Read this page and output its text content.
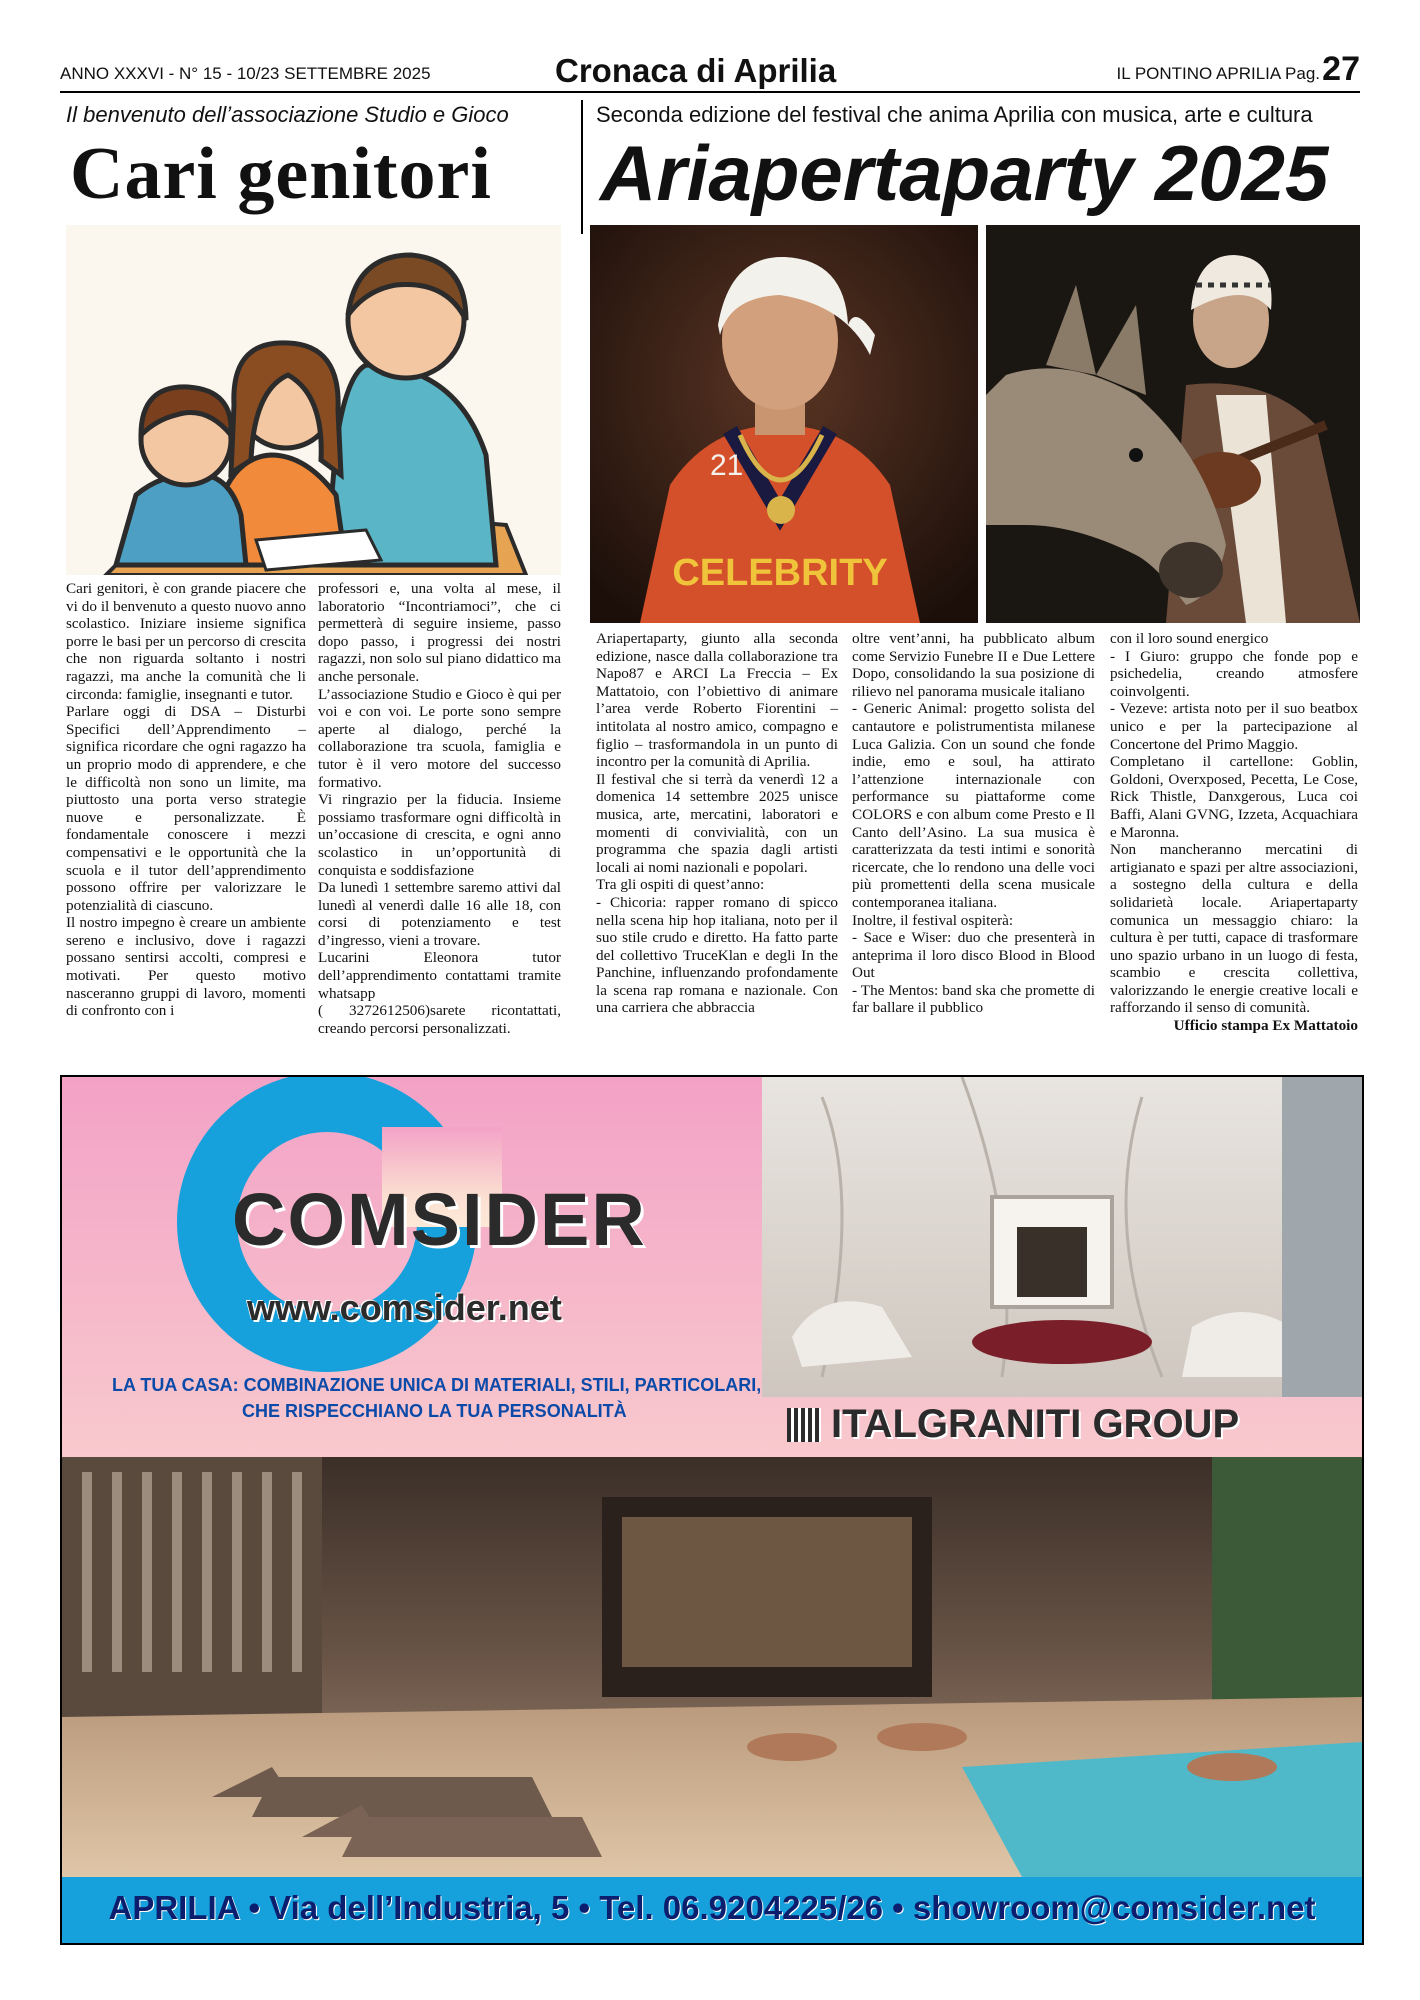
ANNO XXXVI - N° 15 - 10/23 SETTEMBRE 2025	Cronaca di Aprilia	IL PONTINO APRILIA Pag. 27
Il benvenuto dell’associazione Studio e Gioco
Cari genitori
Seconda edizione del festival che anima Aprilia con musica, arte e cultura
Ariapertaparty 2025

Cari genitori, è con grande piacere che vi do il benvenuto a questo nuovo anno scolastico. Iniziare insieme significa porre le basi per un percorso di crescita che non riguarda soltanto i nostri ragazzi, ma anche la comunità che li circonda: famiglie, insegnanti e tutor.

Parlare oggi di DSA – Disturbi Specifici dell’Apprendimento – significa ricordare che ogni ragazzo ha un proprio modo di apprendere, e che le difficoltà non sono un limite, ma piuttosto una porta verso strategie nuove e personalizzate. È fondamentale conoscere i mezzi compensativi e le opportunità che la scuola e il tutor dell’apprendimento possono offrire per valorizzare le potenzialità di ciascuno.

Il nostro impegno è creare un ambiente sereno e inclusivo, dove i ragazzi possano sentirsi accolti, compresi e motivati. Per questo motivo nasceranno gruppi di lavoro, momenti di confronto con i

professori e, una volta al mese, il laboratorio “Incontriamoci”, che ci permetterà di seguire insieme, passo dopo passo, i progressi dei nostri ragazzi, non solo sul piano didattico ma anche personale.

L’associazione Studio e Gioco è qui per voi e con voi. Le porte sono sempre aperte al dialogo, perché la collaborazione tra scuola, famiglia e tutor è il vero motore del successo formativo.

Vi ringrazio per la fiducia. Insieme possiamo trasformare ogni difficoltà in un’occasione di crescita, e ogni anno scolastico in un’opportunità di conquista e soddisfazione

Da lunedì 1 settembre saremo attivi dal lunedì al venerdì dalle 16 alle 18, con corsi di potenziamento e test d’ingresso, vieni a trovare.

Lucarini Eleonora tutor dell’apprendimento contattami tramite whatsapp

( 3272612506)sarete ricontattati, creando percorsi personalizzati.

CELEBRITY
21

Ariapertaparty, giunto alla seconda edizione, nasce dalla collaborazione tra Napo87 e ARCI La Freccia – Ex Mattatoio, con l’obiettivo di animare l’area verde Roberto Fiorentini – intitolata al nostro amico, compagno e figlio – trasformandola in un punto di incontro per la comunità di Aprilia.

Il festival che si terrà da venerdì 12 a domenica 14 settembre 2025 unisce musica, arte, mercatini, laboratori e momenti di convivialità, con un programma che spazia dagli artisti locali ai nomi nazionali e popolari.

Tra gli ospiti di quest’anno:

- Chicoria: rapper romano di spicco nella scena hip hop italiana, noto per il suo stile crudo e diretto. Ha fatto parte del collettivo TruceKlan e degli In the Panchine, influenzando profondamente la scena rap romana e nazionale. Con una carriera che abbraccia

oltre vent’anni, ha pubblicato album come Servizio Funebre II e Due Lettere Dopo, consolidando la sua posizione di rilievo nel panorama musicale italiano

- Generic Animal: progetto solista del cantautore e polistrumentista milanese Luca Galizia. Con un sound che fonde indie, emo e soul, ha attirato l’attenzione internazionale con performance su piattaforme come COLORS e con album come Presto e Il Canto dell’Asino. La sua musica è caratterizzata da testi intimi e sonorità ricercate, che lo rendono una delle voci più promettenti della scena musicale contemporanea italiana.

Inoltre, il festival ospiterà:

- Sace e Wiser: duo che presenterà in anteprima il loro disco Blood in Blood Out

- The Mentos: band ska che promette di far ballare il pubblico

con il loro sound energico

- I Giuro: gruppo che fonde pop e psichedelia, creando atmosfere coinvolgenti.

- Vezeve: artista noto per il suo beatbox unico e per la partecipazione al Concertone del Primo Maggio.

Completano il cartellone: Goblin, Goldoni, Overxposed, Pecetta, Le Cose, Rick Thistle, Danxgerous, Luca coi Baffi, Alani GVNG, Izzeta, Acquachiara e Maronna.

Non mancheranno mercatini di artigianato e spazi per altre associazioni, a sostegno della cultura e della solidarietà locale. Ariapertaparty comunica un messaggio chiaro: la cultura è per tutti, capace di trasformare uno spazio urbano in un luogo di festa, scambio e crescita collettiva, valorizzando le energie creative locali e rafforzando il senso di comunità.

Ufficio stampa Ex Mattatoio

COMSIDER
www.comsider.net
LA TUA CASA: COMBINAZIONE UNICA DI MATERIALI, STILI, PARTICOLARI,
CHE RISPECCHIANO LA TUA PERSONALITÀ	ITALGRANITI GROUP
APRILIA • Via dell’Industria, 5 • Tel. 06.9204225/26 • showroom@comsider.net
